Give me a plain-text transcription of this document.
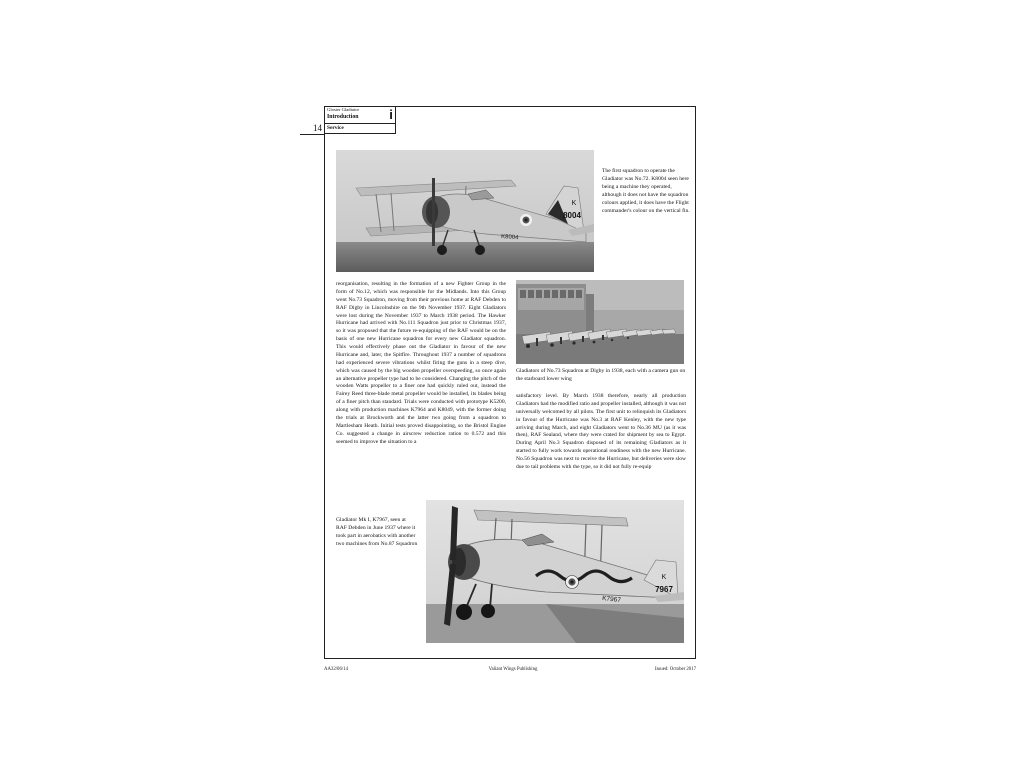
Gloster Gladiator
Introduction
Service
i
14
K
8004
K8004
The first squadron to operate the Gladiator was No.72. K8004 seen here being a machine they operated, although it does not have the squadron colours applied, it does have the Flight commander's colour on the vertical fin.
Gladiators of No.73 Squadron at Digby in 1938, each with a camera gun on the starboard lower wing
reorganisation, resulting in the formation of a new Fighter Group in the form of No.12, which was responsible for the Midlands. Into this Group went No.73 Squadron, moving from their previous home at RAF Debden to RAF Digby in Lincolnshire on the 9th November 1937. Eight Gladiators were lost during the November 1937 to March 1938 period. The Hawker Hurricane had arrived with No.111 Squadron just prior to Christmas 1937, so it was proposed that the future re-equipping of the RAF would be on the basis of one new Hurricane squadron for every new Gladiator squadron. This would effectively phase out the Gladiator in favour of the new Hurricane and, later, the Spitfire. Throughout 1937 a number of squadrons had experienced severe vibrations whilst firing the guns in a steep dive, which was caused by the big wooden propeller overspeeding, so once again an alternative propeller type had to be considered. Changing the pitch of the wooden Watts propeller to a finer one had quickly ruled out, instead the Fairey Reed three-blade metal propeller would be installed, its blades being of a finer pitch than standard. Trials were conducted with prototype K5200, along with production machines K7964 and K8049, with the former doing the trials at Brockworth and the latter two going from a squadron to Martlesham Heath. Initial tests proved disappointing, so the Bristol Engine Co. suggested a change in airscrew reduction ration to 0.572 and this seemed to improve the situation to a
satisfactory level. By March 1938 therefore, nearly all production Gladiators had the modified ratio and propeller installed, although it was not universally welcomed by all pilots. The first unit to relinquish its Gladiators in favour of the Hurricane was No.3 at RAF Kenley, with the new type arriving during March, and eight Gladiators went to No.36 MU (as it was then), RAF Sealand, where they were crated for shipment by sea to Egypt. During April No.3 Squadron disposed of its remaining Gladiators as it started to fully work towards operational readiness with the new Hurricane. No.56 Squadron was next to receive the Hurricane, but deliveries were slow due to tail problems with the type, so it did not fully re-equip
Gladiator Mk I, K7967, seen at RAF Debden in June 1937 where it took part in aerobatics with another two machines from No.87 Squadron
K
7967
K7967
AA32/06/14	Valiant Wings Publishing	Issued: October 2017
